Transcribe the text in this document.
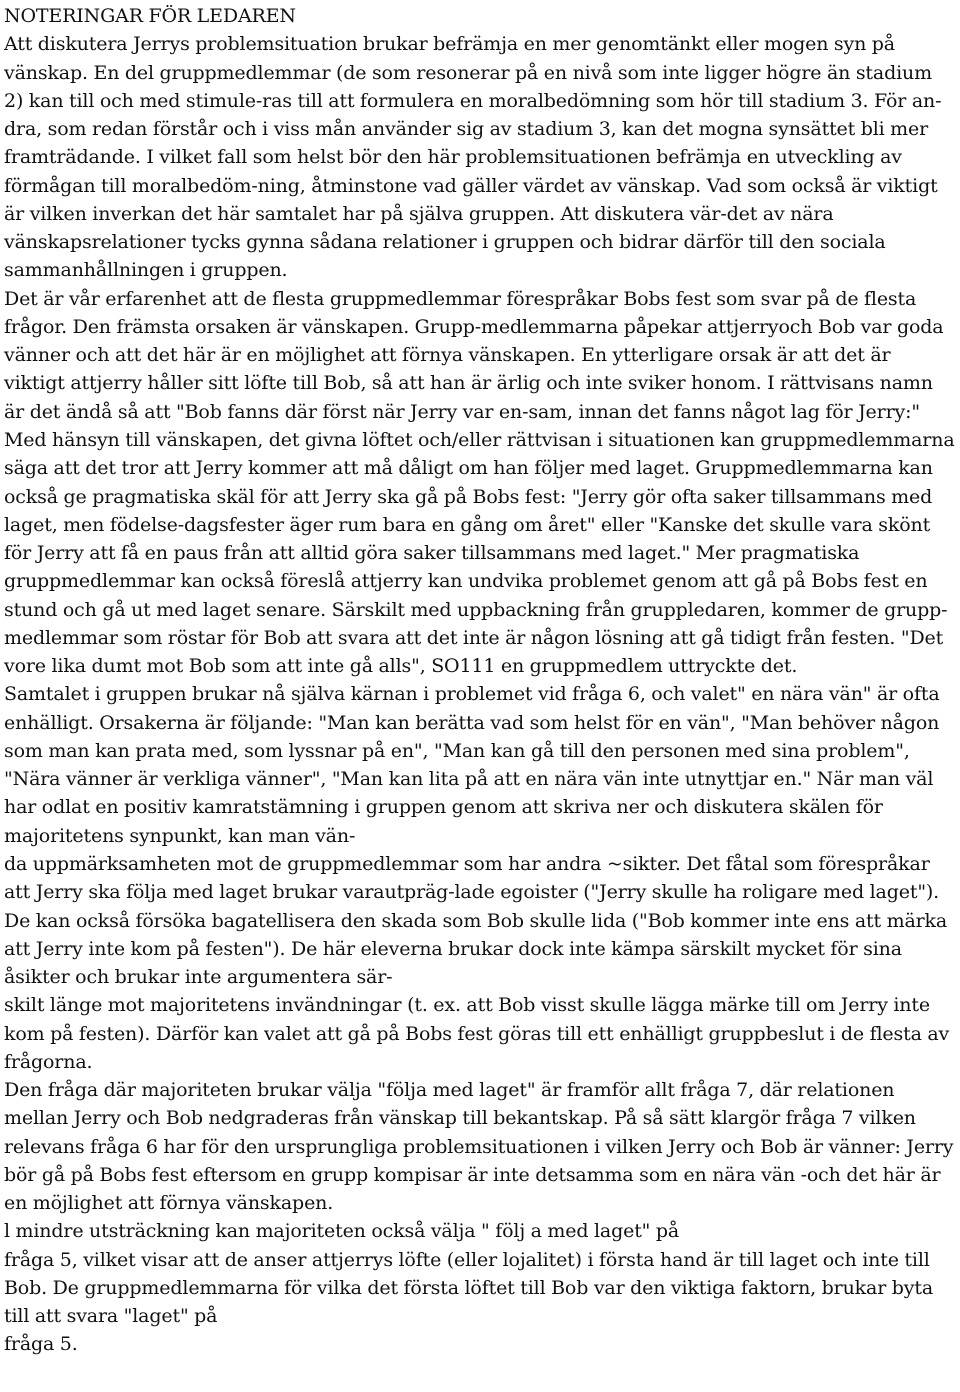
NOTERINGAR FÖR LEDAREN

Att diskutera Jerrys problemsituation brukar befrämja en mer genomtänkt eller mogen syn på vänskap. En del gruppmedlemmar (de som resonerar på en nivå som inte ligger högre än stadium 2) kan till och med stimule-ras till att formulera en moralbedömning som hör till stadium 3. För an-dra, som redan förstår och i viss mån använder sig av stadium 3, kan det mogna synsättet bli mer framträdande. I vilket fall som helst bör den här problemsituationen befrämja en utveckling av förmågan till moralbedöm-ning, åtminstone vad gäller värdet av vänskap. Vad som också är viktigt är vilken inverkan det här samtalet har på själva gruppen. Att diskutera vär-det av nära vänskapsrelationer tycks gynna sådana relationer i gruppen och bidrar därför till den sociala sammanhållningen i gruppen.

Det är vår erfarenhet att de flesta gruppmedlemmar förespråkar Bobs fest som svar på de flesta frågor. Den främsta orsaken är vänskapen. Grupp-medlemmarna påpekar attjerryoch Bob var goda vänner och att det här är en möjlighet att förnya vänskapen. En ytterligare orsak är att det är viktigt attjerry håller sitt löfte till Bob, så att han är ärlig och inte sviker honom. I rättvisans namn är det ändå så att "Bob fanns där först när Jerry var en-sam, innan det fanns något lag för Jerry:" Med hänsyn till vänskapen, det givna löftet och/eller rättvisan i situationen kan gruppmedlemmarna säga att det tror att Jerry kommer att må dåligt om han följer med laget. Gruppmedlemmarna kan också ge pragmatiska skäl för att Jerry ska gå på Bobs fest: "Jerry gör ofta saker tillsammans med laget, men födelse-dagsfester äger rum bara en gång om året" eller "Kanske det skulle vara skönt för Jerry att få en paus från att alltid göra saker tillsammans med laget." Mer pragmatiska gruppmedlemmar kan också föreslå attjerry kan undvika problemet genom att gå på Bobs fest en stund och gå ut med laget senare. Särskilt med uppbackning från gruppledaren, kommer de grupp-medlemmar som röstar för Bob att svara att det inte är någon lösning att gå tidigt från festen. "Det vore lika dumt mot Bob som att inte gå alls", SO111 en gruppmedlem uttryckte det.

Samtalet i gruppen brukar nå själva kärnan i problemet vid fråga 6, och valet" en nära vän" är ofta enhälligt. Orsakerna är följande: "Man kan berätta vad som helst för en vän", "Man behöver någon som man kan prata med, som lyssnar på en", "Man kan gå till den personen med sina problem", "Nära vänner är verkliga vänner", "Man kan lita på att en nära vän inte utnyttjar en." När man väl har odlat en positiv kamratstämning i gruppen genom att skriva ner och diskutera skälen för majoritetens synpunkt, kan man vän-

da uppmärksamheten mot de gruppmedlemmar som har andra ~sikter. Det fåtal som förespråkar att Jerry ska följa med laget brukar varautpräg-lade egoister ("Jerry skulle ha roligare med laget"). De kan också försöka bagatellisera den skada som Bob skulle lida ("Bob kommer inte ens att märka att Jerry inte kom på festen"). De här eleverna brukar dock inte kämpa särskilt mycket för sina åsikter och brukar inte argumentera sär-

skilt länge mot majoritetens invändningar (t. ex. att Bob visst skulle lägga märke till om Jerry inte kom på festen). Därför kan valet att gå på Bobs fest göras till ett enhälligt gruppbeslut i de flesta av frågorna.

Den fråga där majoriteten brukar välja "följa med laget" är framför allt fråga 7, där relationen mellan Jerry och Bob nedgraderas från vänskap till bekantskap. På så sätt klargör fråga 7 vilken relevans fråga 6 har för den ursprungliga problemsituationen i vilken Jerry och Bob är vänner: Jerry bör gå på Bobs fest eftersom en grupp kompisar är inte detsamma som en nära vän -och det här är en möjlighet att förnya vänskapen.

l mindre utsträckning kan majoriteten också välja " följ a med laget" på

fråga 5, vilket visar att de anser attjerrys löfte (eller lojalitet) i första hand är till laget och inte till Bob. De gruppmedlemmarna för vilka det första löftet till Bob var den viktiga faktorn, brukar byta till att svara "laget" på

fråga 5.
